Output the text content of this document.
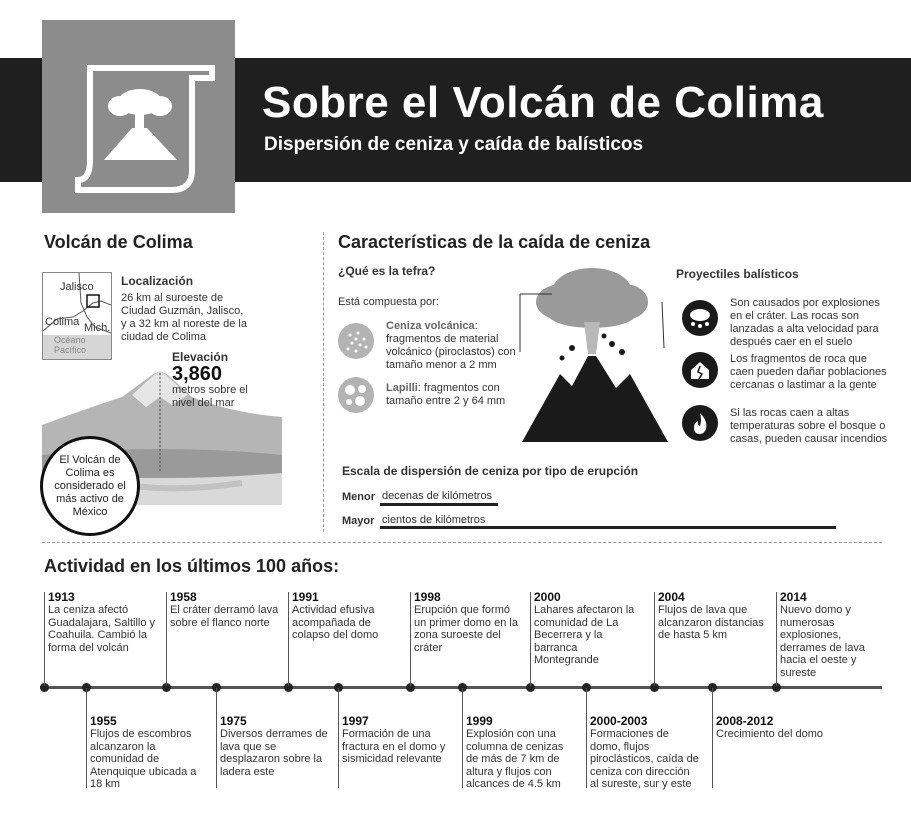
Sobre el Volcán de Colima
Dispersión de ceniza y caída de balísticos
Volcán de Colima
Jalisco
Colima Mich.
Océano Pacífico
Localización
26 km al suroeste de Ciudad Guzmán, Jalisco, y a 32 km al noreste de la ciudad de Colima
Elevación
3,860
metros sobre el nivel del mar
El Volcán de Colima es considerado el más activo de México
Características de la caída de ceniza
¿Qué es la tefra?
Está compuesta por:
Ceniza volcánica: fragmentos de material volcánico (piroclastos) con tamaño menor a 2 mm
Lapilli: fragmentos con tamaño entre 2 y 64 mm
Proyectiles balísticos
Son causados por explosiones en el cráter. Las rocas son lanzadas a alta velocidad para después caer en el suelo
Los fragmentos de roca que caen pueden dañar poblaciones cercanas o lastimar a la gente
Si las rocas caen a altas temperaturas sobre el bosque o casas, pueden causar incendios
Escala de dispersión de ceniza por tipo de erupción
Menor decenas de kilómetros
Mayor cientos de kilómetros
Actividad en los últimos 100 años:
1913
La ceniza afectó Guadalajara, Saltillo y Coahuila. Cambió la forma del volcán
1955
Flujos de escombros alcanzaron la comunidad de Atenquique ubicada a 18 km
1958
El cráter derramó lava sobre el flanco norte
1975
Diversos derrames de lava que se desplazaron sobre la ladera este
1991
Actividad efusiva acompañada de colapso del domo
1997
Formación de una fractura en el domo y sismicidad relevante
1998
Erupción que formó un primer domo en la zona suroeste del cráter
1999
Explosión con una columna de cenizas de más de 7 km de altura y flujos con alcances de 4.5 km
2000
Lahares afectaron la comunidad de La Becerrera y la barranca Montegrande
2000-2003
Formaciones de domo, flujos piroclásticos, caída de ceniza con dirección al sureste, sur y este
2004
Flujos de lava que alcanzaron distancias de hasta 5 km
2008-2012
Crecimiento del domo
2014
Nuevo domo y numerosas explosiones, derrames de lava hacia el oeste y sureste
